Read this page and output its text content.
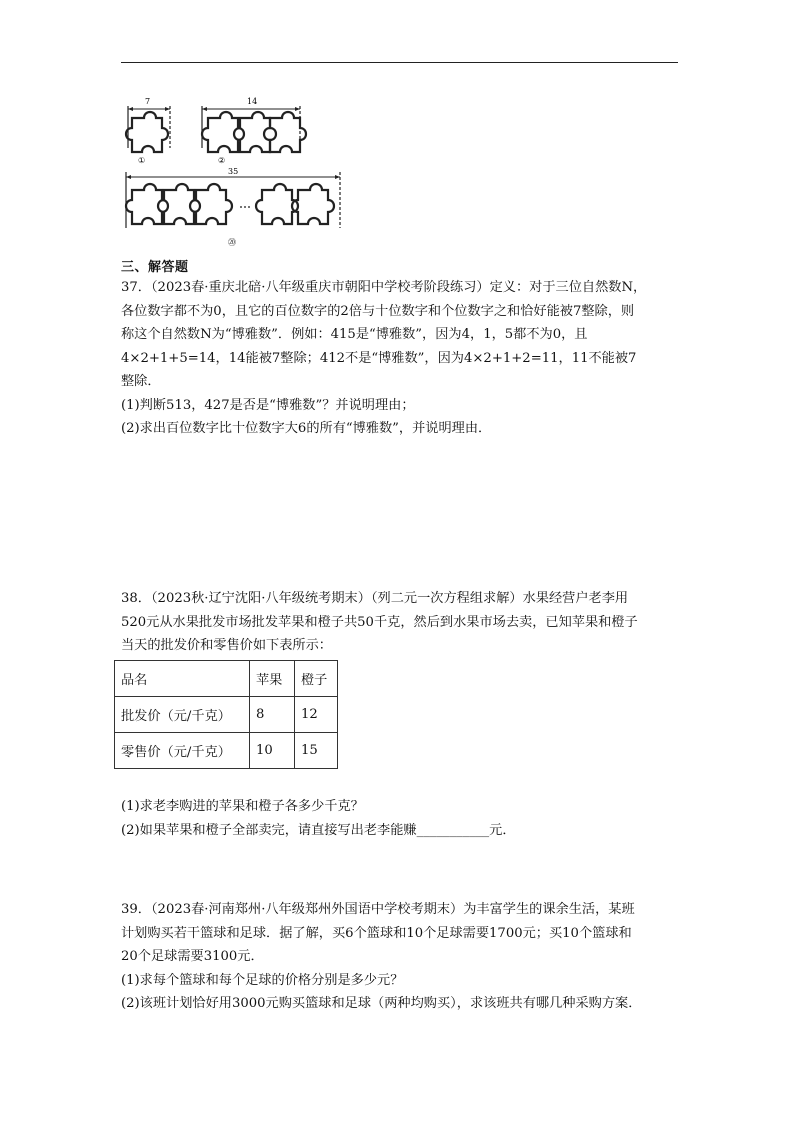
7
①
14
②
35
⑳
三、解答题
37．（2023春·重庆北碚·八年级重庆市朝阳中学校考阶段练习）定义：对于三位自然数N，
各位数字都不为0，且它的百位数字的2倍与十位数字和个位数字之和恰好能被7整除，则
称这个自然数N为“博雅数”．例如：415是“博雅数”，因为4，1，5都不为0，且
4×2+1+5=14，14能被7整除；412不是“博雅数”，因为4×2+1+2=11，11不能被7
整除．
(1)判断513，427是否是“博雅数”？并说明理由；
(2)求出百位数字比十位数字大6的所有“博雅数”，并说明理由．
38．（2023秋·辽宁沈阳·八年级统考期末）（列二元一次方程组求解）水果经营户老李用
520元从水果批发市场批发苹果和橙子共50千克，然后到水果市场去卖，已知苹果和橙子
当天的批发价和零售价如下表所示：
品名	苹果	橙子
批发价（元/千克）	8	12
零售价（元/千克）	10	15
(1)求老李购进的苹果和橙子各多少千克？
(2)如果苹果和橙子全部卖完，请直接写出老李能赚___________元．
39．（2023春·河南郑州·八年级郑州外国语中学校考期末）为丰富学生的课余生活，某班
计划购买若干篮球和足球．据了解，买6个篮球和10个足球需要1700元；买10个篮球和
20个足球需要3100元．
(1)求每个篮球和每个足球的价格分别是多少元？
(2)该班计划恰好用3000元购买篮球和足球（两种均购买），求该班共有哪几种采购方案．
